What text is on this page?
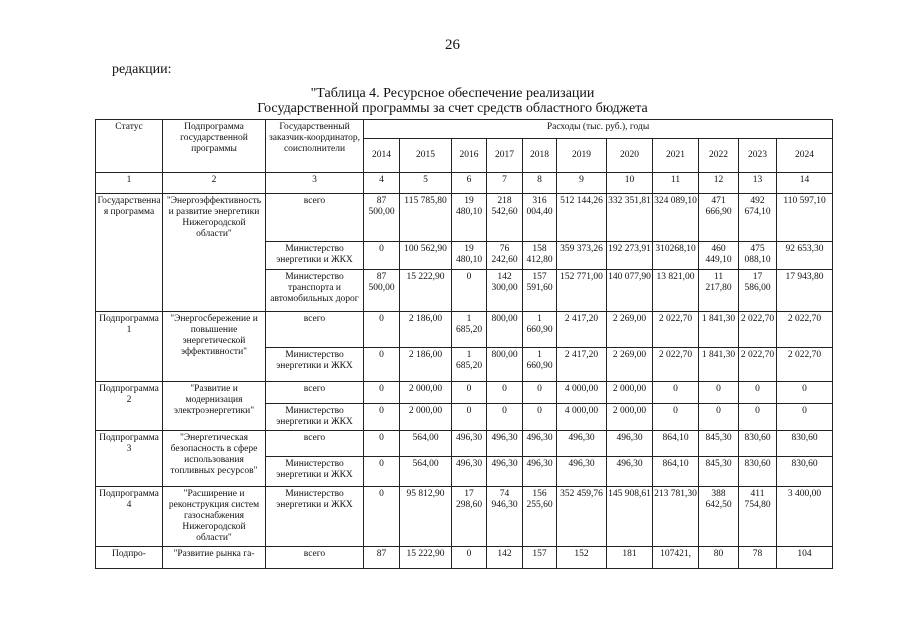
26
редакции:
"Таблица 4. Ресурсное обеспечение реализации
Государственной программы за счет средств областного бюджета
Статус	Подпрограмма государственной программы	Государственный заказчик-координатор, соисполнители	Расходы (тыс. руб.), годы										
			2014	2015	2016	2017	2018	2019	2020	2021	2022	2023	2024
1	2	3	4	5	6	7	8	9	10	11	12	13	14
Государственная программа	"Энергоэффективность и развитие энергетики Нижегородской области"	всего	87 500,00	115 785,80	19 480,10	218 542,60	316 004,40	512 144,26	332 351,81	324 089,10	471 666,90	492 674,10	110 597,10
		Министерство энергетики и ЖКХ	0	100 562,90	19 480,10	76 242,60	158 412,80	359 373,26	192 273,91	310268,10	460 449,10	475 088,10	92 653,30
		Министерство транспорта и автомобильных дорог	87 500,00	15 222,90	0	142 300,00	157 591,60	152 771,00	140 077,90	13 821,00	11 217,80	17 586,00	17 943,80
Подпрограмма 1	"Энергосбережение и повышение энергетической эффективности"	всего	0	2 186,00	1 685,20	800,00	1 660,90	2 417,20	2 269,00	2 022,70	1 841,30	2 022,70	2 022,70
		Министерство энергетики и ЖКХ	0	2 186,00	1 685,20	800,00	1 660,90	2 417,20	2 269,00	2 022,70	1 841,30	2 022,70	2 022,70
Подпрограмма 2	"Развитие и модернизация электроэнергетики"	всего	0	2 000,00	0	0	0	4 000,00	2 000,00	0	0	0	0
		Министерство энергетики и ЖКХ	0	2 000,00	0	0	0	4 000,00	2 000,00	0	0	0	0
Подпрограмма 3	"Энергетическая безопасность в сфере использования топливных ресурсов"	всего	0	564,00	496,30	496,30	496,30	496,30	496,30	864,10	845,30	830,60	830,60
		Министерство энергетики и ЖКХ	0	564,00	496,30	496,30	496,30	496,30	496,30	864,10	845,30	830,60	830,60
Подпрограмма 4	"Расширение и реконструкция систем газоснабжения Нижегородской области"	Министерство энергетики и ЖКХ	0	95 812,90	17 298,60	74 946,30	156 255,60	352 459,76	145 908,61	213 781,30	388 642,50	411 754,80	3 400,00
Подпро-	"Развитие рынка га-	всего	87	15 222,90	0	142	157	152	181	107421,	80	78	104
